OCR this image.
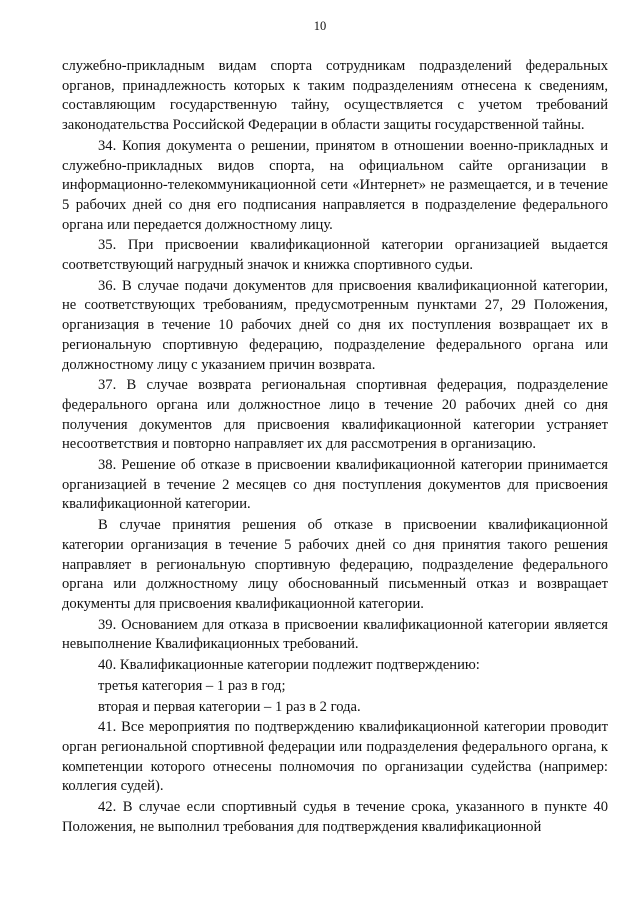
10

служебно-прикладным видам спорта сотрудникам подразделений федеральных органов, принадлежность которых к таким подразделениям отнесена к сведениям, составляющим государственную тайну, осуществляется с учетом требований законодательства Российской Федерации в области защиты государственной тайны.

34. Копия документа о решении, принятом в отношении военно-прикладных и служебно-прикладных видов спорта, на официальном сайте организации в информационно-телекоммуникационной сети «Интернет» не размещается, и в течение 5 рабочих дней со дня его подписания направляется в подразделение федерального органа или передается должностному лицу.

35. При присвоении квалификационной категории организацией выдается соответствующий нагрудный значок и книжка спортивного судьи.

36. В случае подачи документов для присвоения квалификационной категории, не соответствующих требованиям, предусмотренным пунктами 27, 29 Положения, организация в течение 10 рабочих дней со дня их поступления возвращает их в региональную спортивную федерацию, подразделение федерального органа или должностному лицу с указанием причин возврата.

37. В случае возврата региональная спортивная федерация, подразделение федерального органа или должностное лицо в течение 20 рабочих дней со дня получения документов для присвоения квалификационной категории устраняет несоответствия и повторно направляет их для рассмотрения в организацию.

38. Решение об отказе в присвоении квалификационной категории принимается организацией в течение 2 месяцев со дня поступления документов для присвоения квалификационной категории.

В случае принятия решения об отказе в присвоении квалификационной категории организация в течение 5 рабочих дней со дня принятия такого решения направляет в региональную спортивную федерацию, подразделение федерального органа или должностному лицу обоснованный письменный отказ и возвращает документы для присвоения квалификационной категории.

39. Основанием для отказа в присвоении квалификационной категории является невыполнение Квалификационных требований.

40. Квалификационные категории подлежит подтверждению:

третья категория – 1 раз в год;

вторая и первая категории – 1 раз в 2 года.

41. Все мероприятия по подтверждению квалификационной категории проводит орган региональной спортивной федерации или подразделения федерального органа, к компетенции которого отнесены полномочия по организации судейства (например: коллегия судей).

42. В случае если спортивный судья в течение срока, указанного в пункте 40 Положения, не выполнил требования для подтверждения квалификационной
